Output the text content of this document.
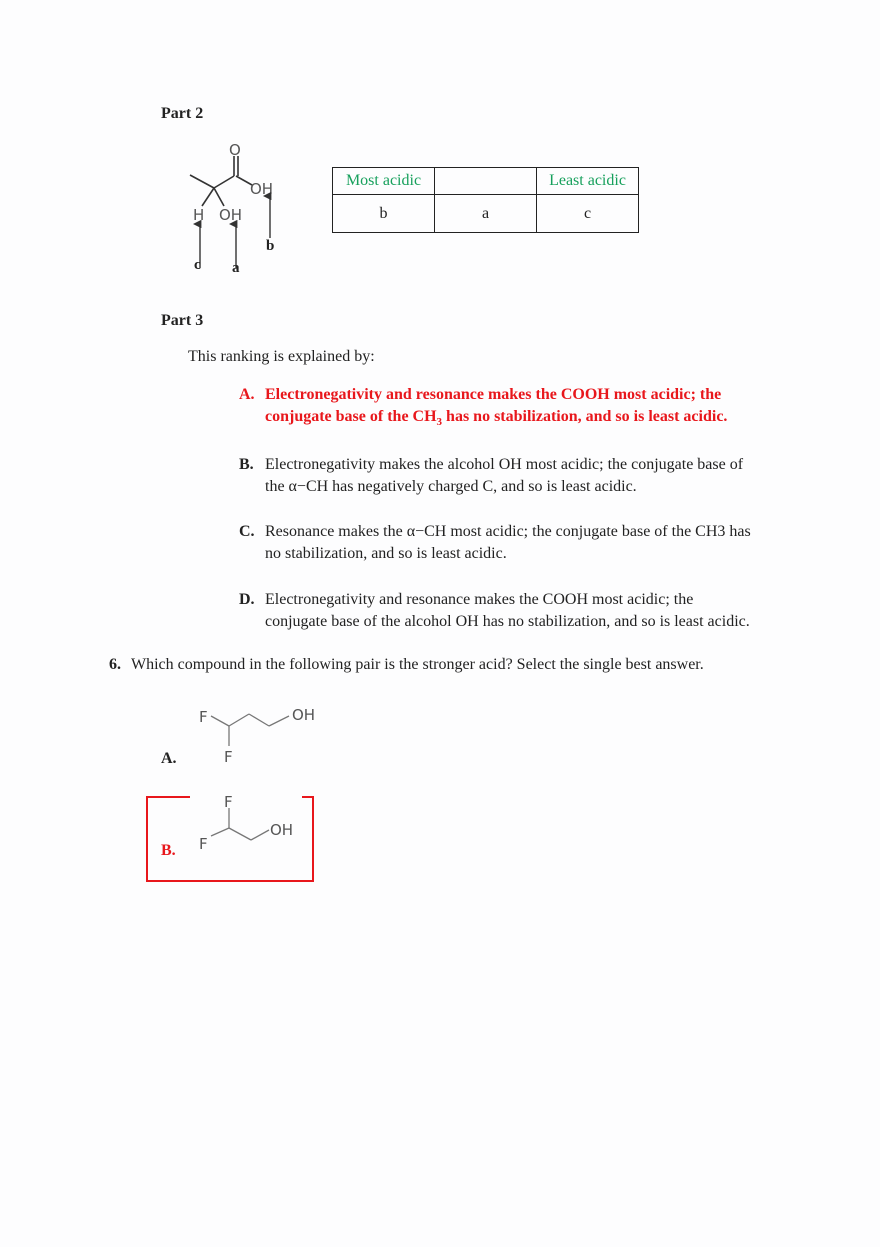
Part 2
O
OH
H OH
b
c a
Most acidic		Least acidic
b	a	c
Part 3
This ranking is explained by:
A. Electronegativity and resonance makes the COOH most acidic; the
conjugate base of the $CH_3$ has no stabilization, and so is least acidic.
B. Electronegativity makes the alcohol OH most acidic; the conjugate base of
the α−CH has negatively charged C, and so is least acidic.
C. Resonance makes the α−CH most acidic; the conjugate base of the CH3 has
no stabilization, and so is least acidic.
D. Electronegativity and resonance makes the COOH most acidic; the
conjugate base of the alcohol OH has no stabilization, and so is least acidic.
6. Which compound in the following pair is the stronger acid? Select the single best answer.
A.
F
F
OH
B.
F
F
OH
